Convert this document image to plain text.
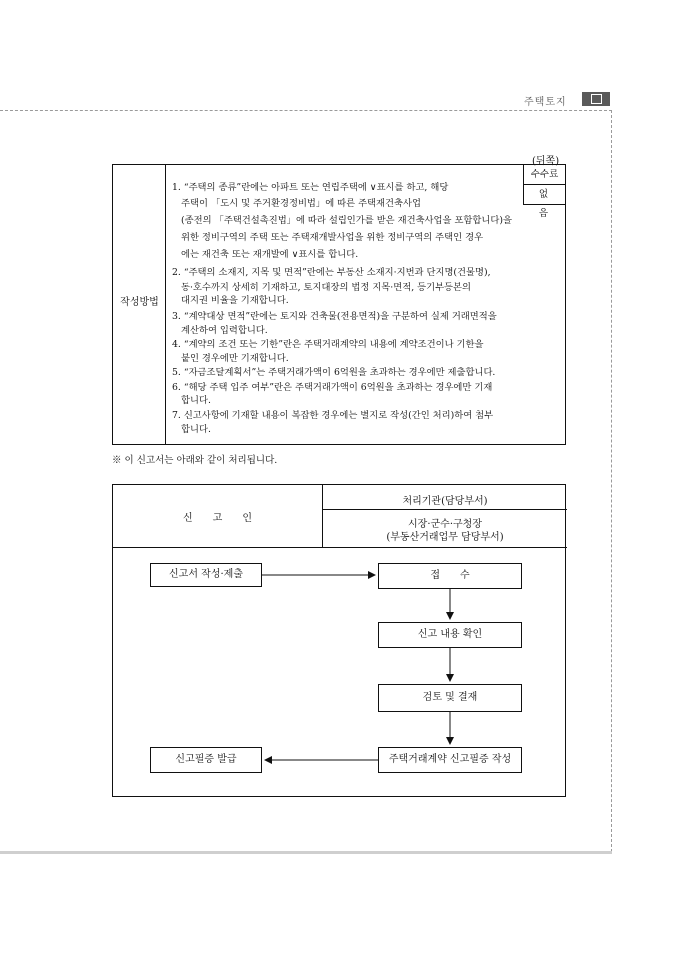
주택토지
(뒤쪽)
작성방법
수수료
없 음
1. “주택의 종류”란에는 아파트 또는 연립주택에 ∨표시를 하고, 해당
주택이 「도시 및 주거환경정비법」에 따른 주택재건축사업
(종전의 「주택건설촉진법」에 따라 설립인가를 받은 재건축사업을 포함합니다)을
위한 정비구역의 주택 또는 주택재개발사업을 위한 정비구역의 주택인 경우
에는 재건축 또는 재개발에 ∨표시를 합니다.
2. “주택의 소재지, 지목 및 면적”란에는 부동산 소재지·지번과 단지명(건물명),
동·호수까지 상세히 기재하고, 토지대장의 법정 지목·면적, 등기부등본의
대지권 비율을 기재합니다.
3. “계약대상 면적”란에는 토지와 건축물(전용면적)을 구분하여 실제 거래면적을
계산하여 입력합니다.
4. “계약의 조건 또는 기한”란은 주택거래계약의 내용에 계약조건이나 기한을
붙인 경우에만 기재합니다.
5. “자금조달계획서”는 주택거래가액이 6억원을 초과하는 경우에만 제출합니다.
6. “해당 주택 입주 여부”란은 주택거래가액이 6억원을 초과하는 경우에만 기재
합니다.
7. 신고사항에 기재할 내용이 복잡한 경우에는 별지로 작성(간인 처리)하여 첨부
합니다.
※ 이 신고서는 아래와 같이 처리됩니다.
신　　고　　인
처리기관(담당부서)
시장·군수·구청장
(부동산거래업무 담당부서)
신고서 작성·제출	접　　수
신고 내용 확인
검토 및 결재
주택거래계약 신고필증 작성
신고필증 발급
